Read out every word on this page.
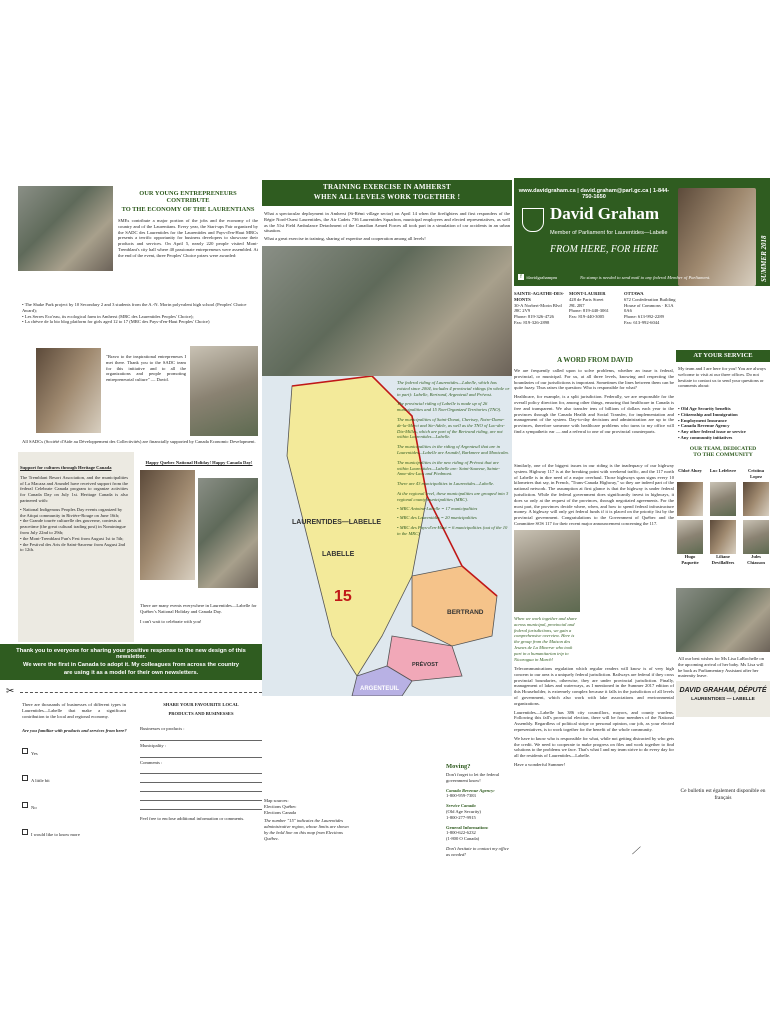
OUR YOUNG ENTREPRENEURS CONTRIBUTE
TO THE ECONOMY OF THE LAURENTIANS
SMEs contribute a major portion of the jobs and the economy of the country and of the Laurentians. Every year, the Start-ups Fair organized by the SADC des Laurentides for the Laurentides and Pays-d'en-Haut MRCs presents a terrific opportunity for business developers to showcase their products and services. On April 5, nearly 220 people visited Mont-Tremblant's city hall where 40 passionate entrepreneurs were assembled. At the end of the event, three Peoples' Choice prizes were awarded:
• The Shake Park project by 10 Secondary 2 and 3 students from the A.-N. Morin polyvalent high school (Peoples' Choice Award);
• Les Serres Eco'eau, its ecological farm in Amherst (MRC des Laurentides Peoples' Choice);
• La chèvre de la bio blog platform for girls aged 12 to 17 (MRC des Pays-d'en-Haut Peoples' Choice)
"Bravo to the inspirational entrepreneurs I met there. Thank you to the SADC team for this initiative and to all the organizations and people promoting entrepreneurial culture" — David.
All SADCs (Société d'Aide au Développement des Collectivités) are financially supported by Canada Economic Development.
Support for cultures through Heritage Canada
The Tremblant Resort Association, and the municipalities of La Macaza and Arundel have received support from the federal Celebrate Canada program to organize activities for Canada Day on July 1st. Heritage Canada is also partnered with:
• National Indigenous Peoples Day events organized by the Atiqui community in Rivière-Rouge on June 16th;
• the Grande tourée culturelle des gouverne, contests at peacetime (the great cultural trading post) in Nominingue from July 22nd to 29th;
• the Mont-Tremblant Fun's Fest from August 1st to 5th;
• the Festival des Arts de Saint-Sauveur from August 2nd to 12th.
Happy Quebec National Holiday! Happy Canada Day!
There are many events everywhere in Laurentides—Labelle for Québec's National Holiday and Canada Day.
I can't wait to celebrate with you!
TRAINING EXERCISE IN AMHERST
WHEN ALL LEVELS WORK TOGETHER !
What a spectacular deployment in Amherst (St-Rémi village sector) on April 14 when the firefighters and first responders of the Régie Nord-Ouest Laurentides, the Air Cadets 736 Laurentides Squadron, municipal employees and elected representatives, as well as the 51st Field Ambulance Detachment of the Canadian Armed Forces all took part in a simulation of car accidents in an urban situation.
What a great exercise in training, sharing of expertise and cooperation among all levels!
15
LAURENTIDES—LABELLE
LABELLE
BERTRAND
PRÉVOST
ARGENTEUIL
The federal riding of Laurentides—Labelle, which has existed since 2004, includes 4 provincial ridings (in whole or in part): Labelle, Bertrand, Argenteuil and Prévost.
The provincial riding of Labelle is made up of 26 municipalities and 15 Non-Organized Territories (TNO).
The municipalities of Saint-Donat, Chertsey, Notre-Dame-de-la-Merci and Ste-Adele, as well as the TNO of Lac-des-Dix-Milles, which are part of the Bertrand riding, are not within Laurentides—Labelle.
The municipalities in the riding of Argenteuil that are in Laurentides—Labelle are Arundel, Barkmere and Montcalm.
The municipalities in the new riding of Prévost that are within Laurentides—Labelle are: Saint-Sauveur, Sainte-Anne-des-Lacs and Piedmont.
There are 43 municipalities in Laurentides—Labelle.
At the regional level, these municipalities are grouped into 3 regional county municipalities (MRC).
• MRC Antoine-Labelle = 17 municipalities
• MRC des Laurentides = 20 municipalities
• MRC des Pays-d'en-Haut = 6 municipalities (out of the 10 in the MRC)
Map sources:
Elections Québec
Elections Canada
The number "15" indicates the Laurentides administrative region, whose limits are shown by the bold line on this map from Elections Québec.
Moving?
Don't forget to let the federal government know!
Canada Revenue Agency:
1-800-959-7383
Service Canada
(Old Age Security)
1-800-277-9915
General Information:
1-800-622-6232
(1-800 O Canada)
Don't hesitate to contact my office as needed!
www.davidgraham.ca | david.graham@parl.gc.ca | 1-844-750-1650
David Graham
Member of Parliament for Laurentides—Labelle
FROM HERE, FOR HERE	SUMMER 2018
f /davidgrahampm	No stamp is needed to send mail to any federal Member of Parliament.
SAINTE-AGATHE-DES-MONTS
30-A Norbert-Morin Blvd
J8C 2V9
Phone: 819-326-4726
Fax: 819-326-2898
MONT-LAURIER
428 de Paris Street
J9L 2R7
Phone: 819-440-3061
Fax: 819-440-3005
OTTAWA
672 Confederation Building
House of Commons · K1A 0A6
Phone: 613-992-2289
Fax: 613-992-6044
A WORD FROM DAVID
We are frequently called upon to solve problems, whether an issue is federal, provincial, or municipal. For us, at all three levels, knowing and respecting the boundaries of our jurisdictions is important. Sometimes the lines between them can be quite fuzzy. Thus raises the question: Who is responsible for what?
Healthcare, for example, is a split jurisdiction. Federally, we are responsible for the overall policy direction for, among other things, ensuring that healthcare in Canada is free and transparent. We also transfer tens of billions of dollars each year to the provinces through the Canada Health and Social Transfer, for implementation and management of the system. Day-to-day decisions and administration are up to the provinces, therefore someone with healthcare problems who turns to my office will find a sympathetic ear — and a referral to one of our provincial counterparts.
Similarly, one of the biggest issues in our riding is the inadequacy of our highway system. Highway 117 is at the breaking point with weekend traffic, and the 117 north of Labelle is in dire need of a major overhaul. Those highways span signs every 10 kilometres that say, in French, "Trans-Canada Highway," so they are indeed part of the national network. The assumption at first glance is that the highway is under federal jurisdiction. While the federal government does significantly invest in highways, it does so only at the request of the provinces, through negotiated agreements. For the most part, the provinces decide where, when, and how to spend federal infrastructure money. A highway will only get federal funds if it is placed on the priority list by the provincial government. Congratulations to the Government of Québec and the Committee SOS 117 for their recent major announcement concerning the 117.
When we work together and share across municipal, provincial and federal jurisdictions, we gain a comprehensive overview. Here is the group from the Maison des Jeunes de La Minerve who took part in a humanitarian trip to Nicaragua in March!
Telecommunications regulation which regular readers will know is of very high concern to our area is a uniquely federal jurisdiction. Railways are federal if they cross provincial boundaries, otherwise, they are under provincial jurisdiction. Finally, management of lakes and waterways, as I mentioned in the Summer 2017 edition of this Householder, is extremely complex because it falls in the jurisdiction of all levels of government, which also work with lake associations and environmental organizations.
Laurentides—Labelle has 386 city councillors, mayors, and county wardens. Following this fall's provincial election, there will be four members of the National Assembly. Regardless of political stripe or personal opinion, our job, as your elected representatives, is to work together for the benefit of the whole community.
We have to know who is responsible for what, while not getting distracted by who gets the credit. We need to cooperate to make progress on files and work together to find solutions to the problems we face. That's what I and my team strive to do every day for all the residents of Laurentides—Labelle.
Have a wonderful Summer!
⟋
AT YOUR SERVICE
My team and I are here for you! You are always welcome to visit at our three offices. Do not hesitate to contact us to send your questions or comments about:
• Old Age Security benefits
• Citizenship and Immigration
• Employment Insurance
• Canada Revenue Agency
• Any other federal issue or service
• Any community initiatives
OUR TEAM, DEDICATED
TO THE COMMUNITY
Chloé Aluey	Luc Lefebvre	Cristina Lopez
Hugo Paquette
Liliane Devillaffers
Jules Chiasson
All our best wishes for Ms Lisa LaRochelle on the upcoming arrival of her baby. Ms Lisa will be back as Parliamentary Assistant after her maternity leave.
DAVID GRAHAM, DÉPUTÉ
LAURENTIDES — LABELLE
Ce bulletin est également disponible en français
Thank you to everyone for sharing your positive response to the new design of this newsletter.
We were the first in Canada to adopt it. My colleagues from across the country
are using it as a model for their own newsletters.
✂
There are thousands of businesses of different types in Laurentides—Labelle that make a significant contribution to the local and regional economy.
Are you familiar with products and services from here?
Yes
A little bit
No
I would like to know more
SHARE YOUR FAVOURITE LOCAL
PRODUCTS AND BUSINESSES
Businesses or products :
Municipality :
Comments :
Feel free to enclose additional information or comments.
